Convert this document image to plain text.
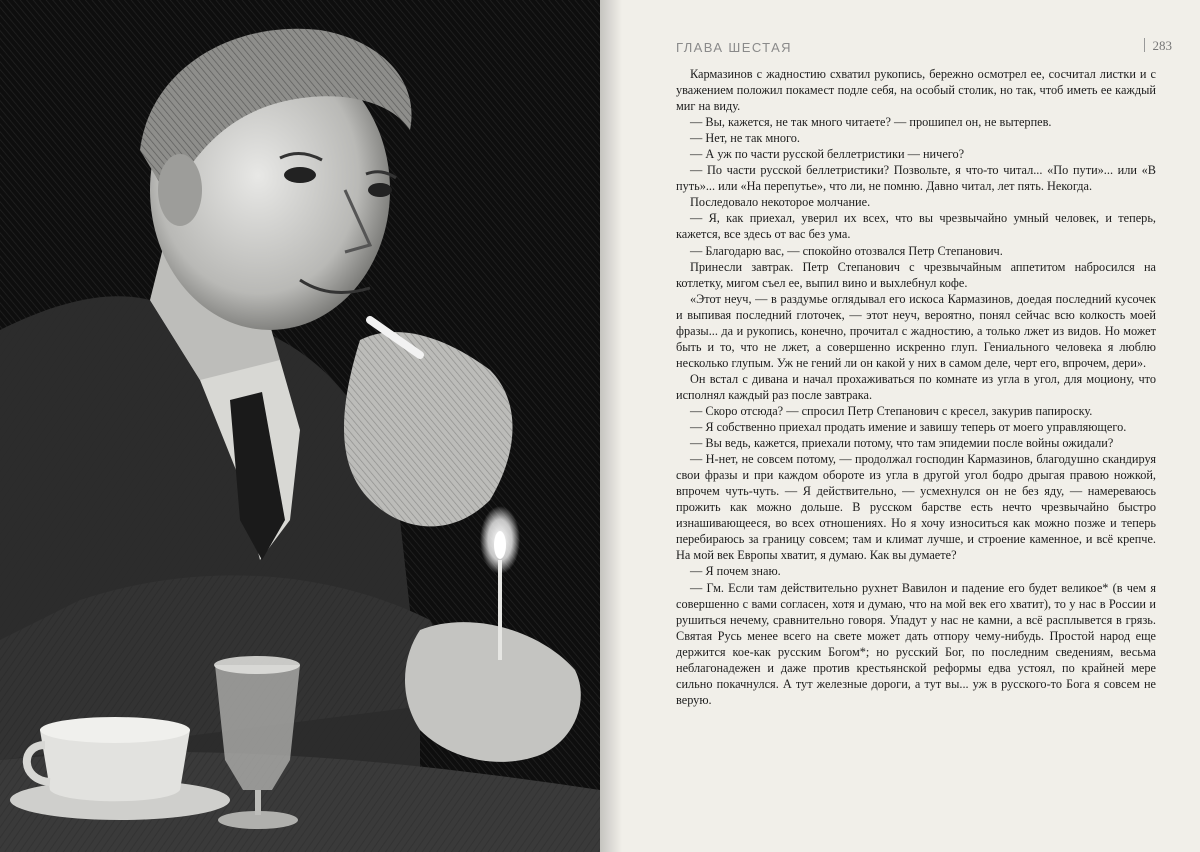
ГЛАВА ШЕСТАЯ	283

Кармазинов с жадностию схватил рукопись, бережно осмотрел ее, сосчитал листки и с уважением положил покамест подле себя, на особый столик, но так, чтоб иметь ее каждый миг на виду.

— Вы, кажется, не так много читаете? — прошипел он, не вытерпев.

— Нет, не так много.

— А уж по части русской беллетристики — ничего?

— По части русской беллетристики? Позвольте, я что-то читал... «По пути»... или «В путь»... или «На перепутье», что ли, не помню. Давно читал, лет пять. Некогда.

Последовало некоторое молчание.

— Я, как приехал, уверил их всех, что вы чрезвычайно умный человек, и теперь, кажется, все здесь от вас без ума.

— Благодарю вас, — спокойно отозвался Петр Степанович.

Принесли завтрак. Петр Степанович с чрезвычайным аппетитом набросился на котлетку, мигом съел ее, выпил вино и выхлебнул кофе.

«Этот неуч, — в раздумье оглядывал его искоса Кармазинов, доедая последний кусочек и выпивая последний глоточек, — этот неуч, вероятно, понял сейчас всю колкость моей фразы... да и рукопись, конечно, прочитал с жадностию, а только лжет из видов. Но может быть и то, что не лжет, а совершенно искренно глуп. Гениального человека я люблю несколько глупым. Уж не гений ли он какой у них в самом деле, черт его, впрочем, дери».

Он встал с дивана и начал прохаживаться по комнате из угла в угол, для моциону, что исполнял каждый раз после завтрака.

— Скоро отсюда? — спросил Петр Степанович с кресел, закурив папироску.

— Я собственно приехал продать имение и завишу теперь от моего управляющего.

— Вы ведь, кажется, приехали потому, что там эпидемии после войны ожидали?

— Н-нет, не совсем потому, — продолжал господин Кармазинов, благодушно скандируя свои фразы и при каждом обороте из угла в другой угол бодро дрыгая правою ножкой, впрочем чуть-чуть. — Я действительно, — усмехнулся он не без яду, — намереваюсь прожить как можно дольше. В русском барстве есть нечто чрезвычайно быстро изнашивающееся, во всех отношениях. Но я хочу износиться как можно позже и теперь перебираюсь за границу совсем; там и климат лучше, и строение каменное, и всё крепче. На мой век Европы хватит, я думаю. Как вы думаете?

— Я почем знаю.

— Гм. Если там действительно рухнет Вавилон и падение его будет великое* (в чем я совершенно с вами согласен, хотя и думаю, что на мой век его хватит), то у нас в России и рушиться нечему, сравнительно говоря. Упадут у нас не камни, а всё расплывется в грязь. Святая Русь менее всего на свете может дать отпору чему-нибудь. Простой народ еще держится кое-как русским Богом*; но русский Бог, по последним сведениям, весьма неблагонадежен и даже против крестьянской реформы едва устоял, по крайней мере сильно покачнулся. А тут железные дороги, а тут вы... уж в русского-то Бога я совсем не верую.
